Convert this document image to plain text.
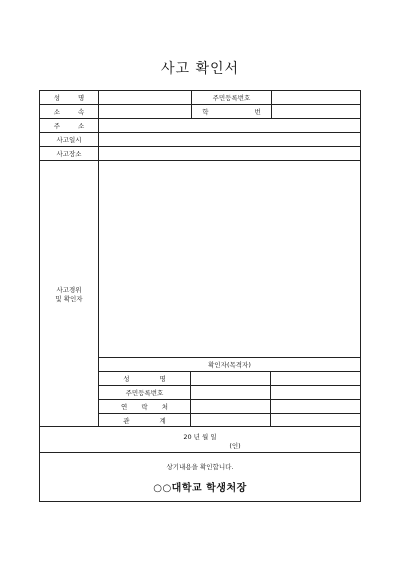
사고 확인서
성 명	주민등록번호
소 속	학 번
주 소
사고일시
사고장소
사고경위
및 확인자
확인자(목격자)
성 명
주민등록번호
연 락 처
관 계
20 년 월 일
(인)
상기내용을 확인합니다.
○○대학교 학생처장
